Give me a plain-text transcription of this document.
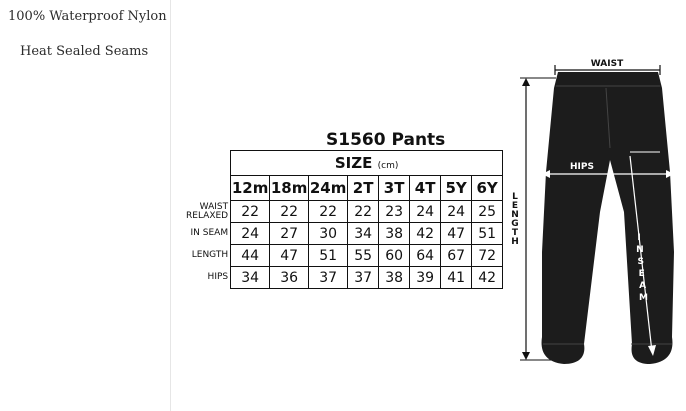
100% Waterproof Nylon
Heat Sealed Seams
S1560 Pants
	SIZE (cm)							
	12m	18m	24m	2T	3T	4T	5Y	6Y

WAIST
RELAXED	22	22	22	22	23	24	24	25
IN SEAM	24	27	30	34	38	42	47	51
LENGTH	44	47	51	55	60	64	67	72
HIPS	34	36	37	37	38	39	41	42
L
E
N
G
T
H
WAIST
HIPS
I N S E A M
